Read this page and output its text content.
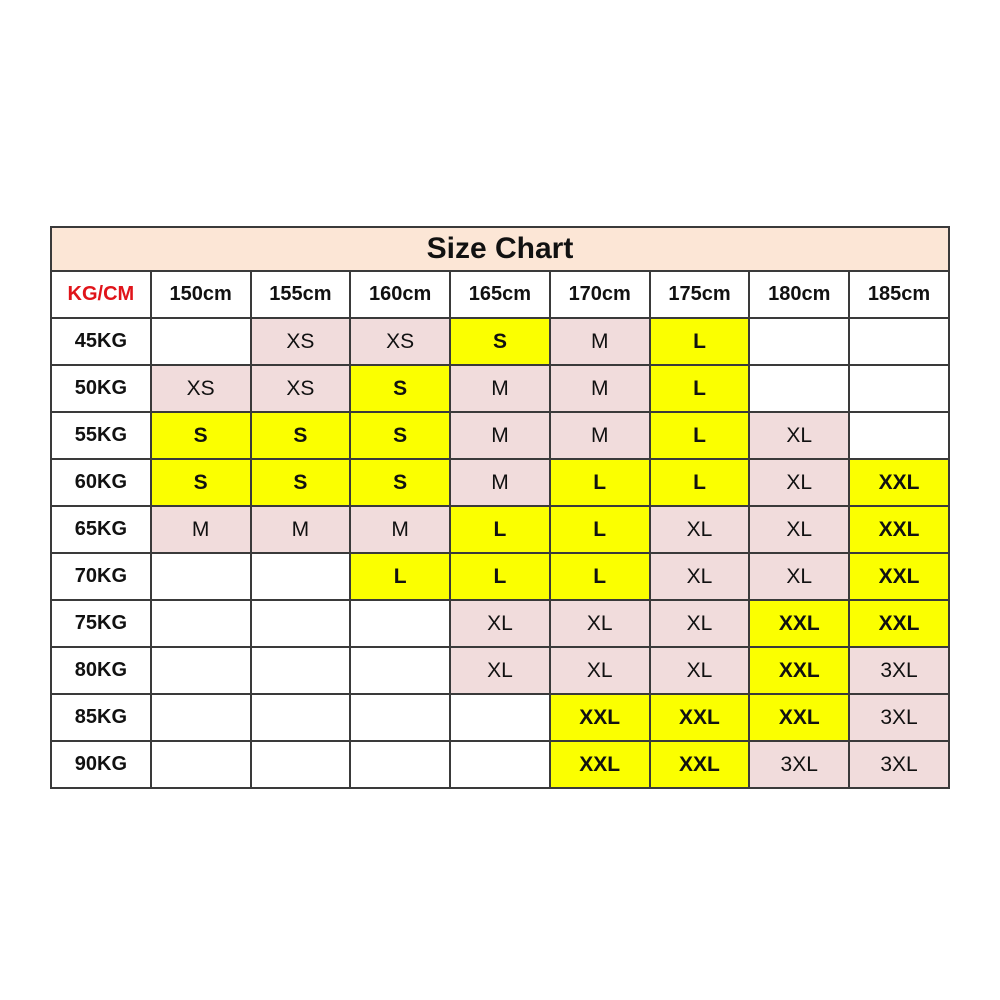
Size Chart								
KG/CM	150cm	155cm	160cm	165cm	170cm	175cm	180cm	185cm
45KG		XS	XS	S	M	L		
50KG	XS	XS	S	M	M	L		
55KG	S	S	S	M	M	L	XL	
60KG	S	S	S	M	L	L	XL	XXL
65KG	M	M	M	L	L	XL	XL	XXL
70KG			L	L	L	XL	XL	XXL
75KG				XL	XL	XL	XXL	XXL
80KG				XL	XL	XL	XXL	3XL
85KG					XXL	XXL	XXL	3XL
90KG					XXL	XXL	3XL	3XL
